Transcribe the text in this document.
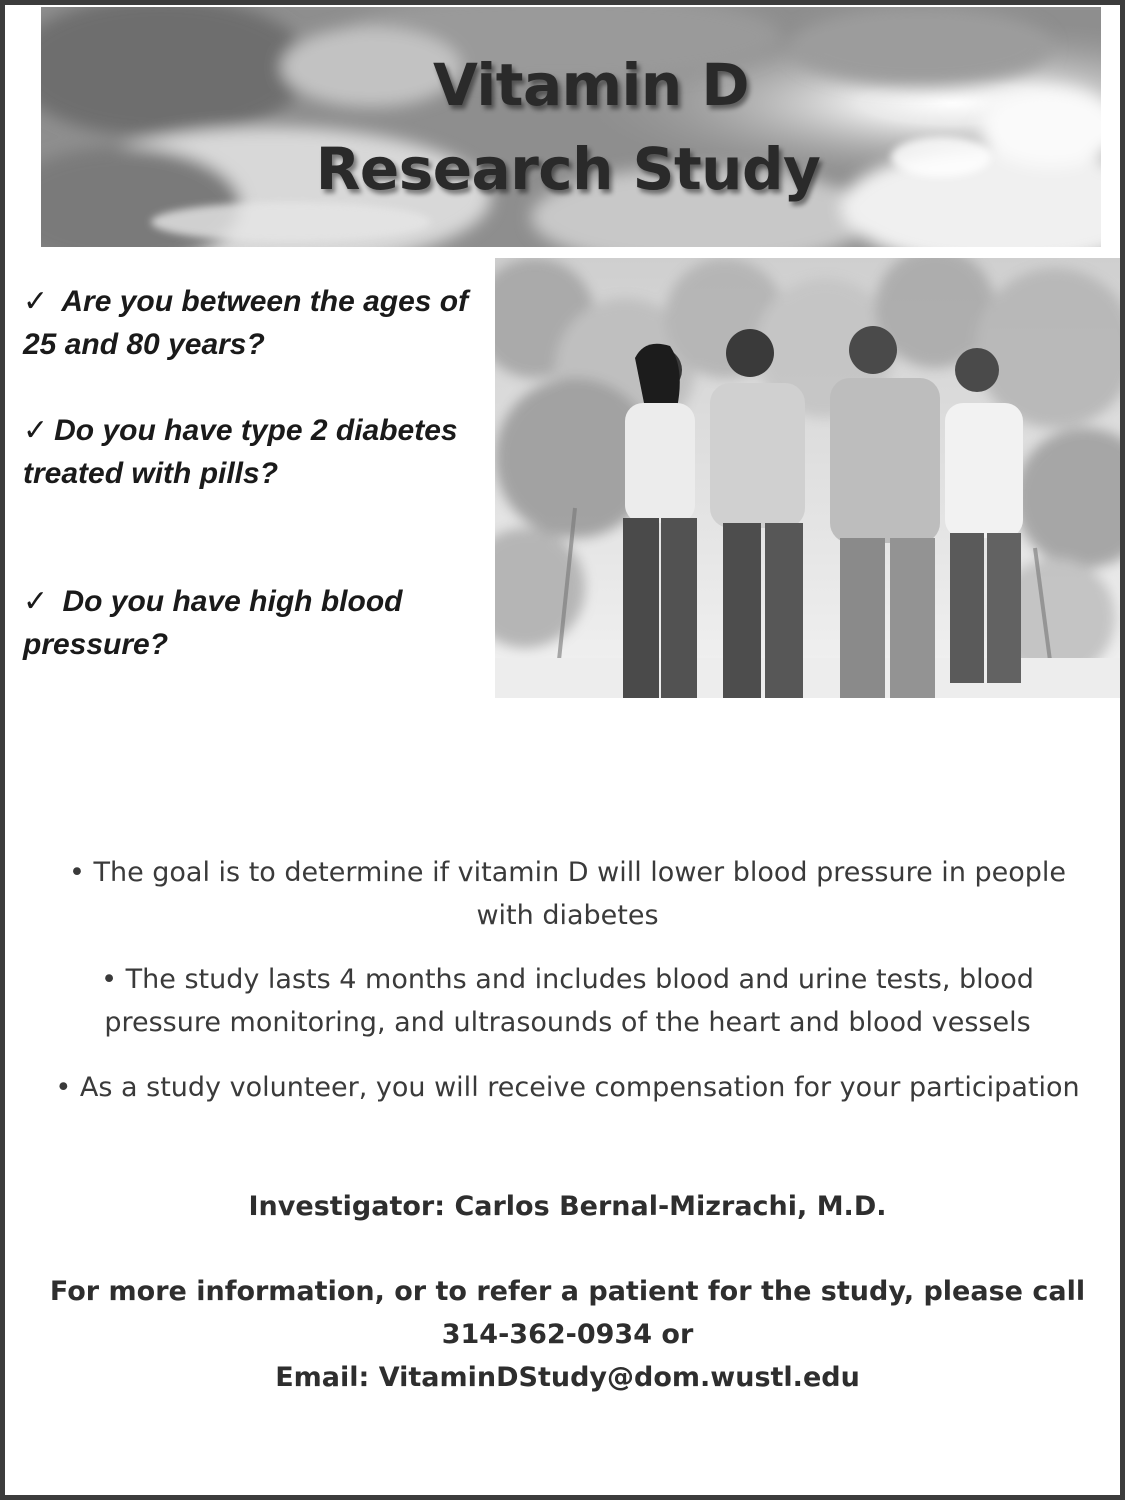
Vitamin D
Research Study
✓ Are you between the ages of 25 and 80 years?
✓ Do you have type 2 diabetes treated with pills?
✓ Do you have high blood pressure?
• The goal is to determine if vitamin D will lower blood pressure in people with diabetes
• The study lasts 4 months and includes blood and urine tests, blood pressure monitoring, and ultrasounds of the heart and blood vessels
• As a study volunteer, you will receive compensation for your participation
Investigator: Carlos Bernal-Mizrachi, M.D.
For more information, or to refer a patient for the study, please call
314-362-0934 or
Email: VitaminDStudy@dom.wustl.edu
